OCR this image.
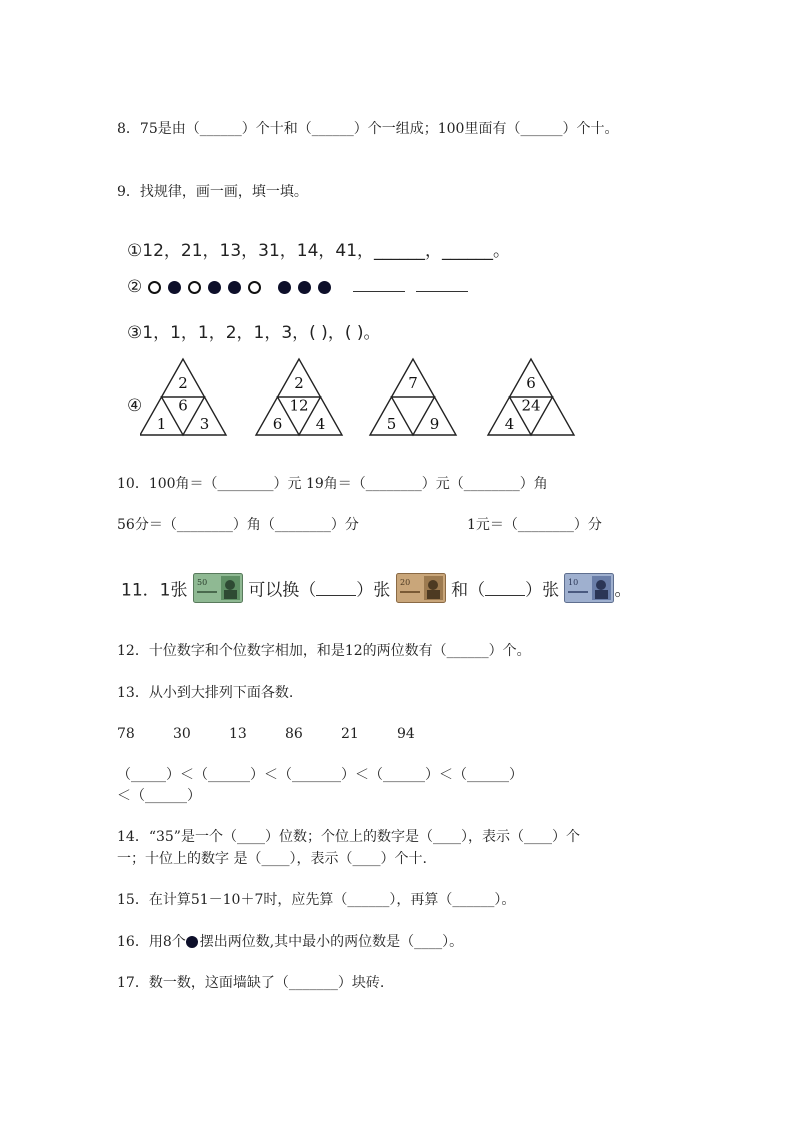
8．75是由（______）个十和（______）个一组成；100里面有（______）个十。
9．找规律，画一画，填一填。
①12，21，13，31，14，41，______，______。
②
③1，1，1，2，1，3，( )，( )。
④
2
6
1 3
2
12
6 4
7
5 9
6
24
4
10．100角＝（________）元 19角＝（________）元（________）角
56分＝（________）角（________）分	1元＝（________）分
11．1张 50 可以换（ ）张 20 和（ ）张 10 。
12．十位数字和个位数字相加，和是12的两位数有（______）个。
13．从小到大排列下面各数.
78	30	13	86	21	94
（_____）＜（______）＜（_______）＜（______）＜（______）
＜（______）
14．“35”是一个（____）位数；个位上的数字是（____），表示（____）个
一；十位上的数字 是（____），表示（____）个十.
15．在计算51－10＋7时，应先算（______），再算（______）。
16．用8个 摆出两位数,其中最小的两位数是（____）。
17．数一数，这面墙缺了（_______）块砖.
